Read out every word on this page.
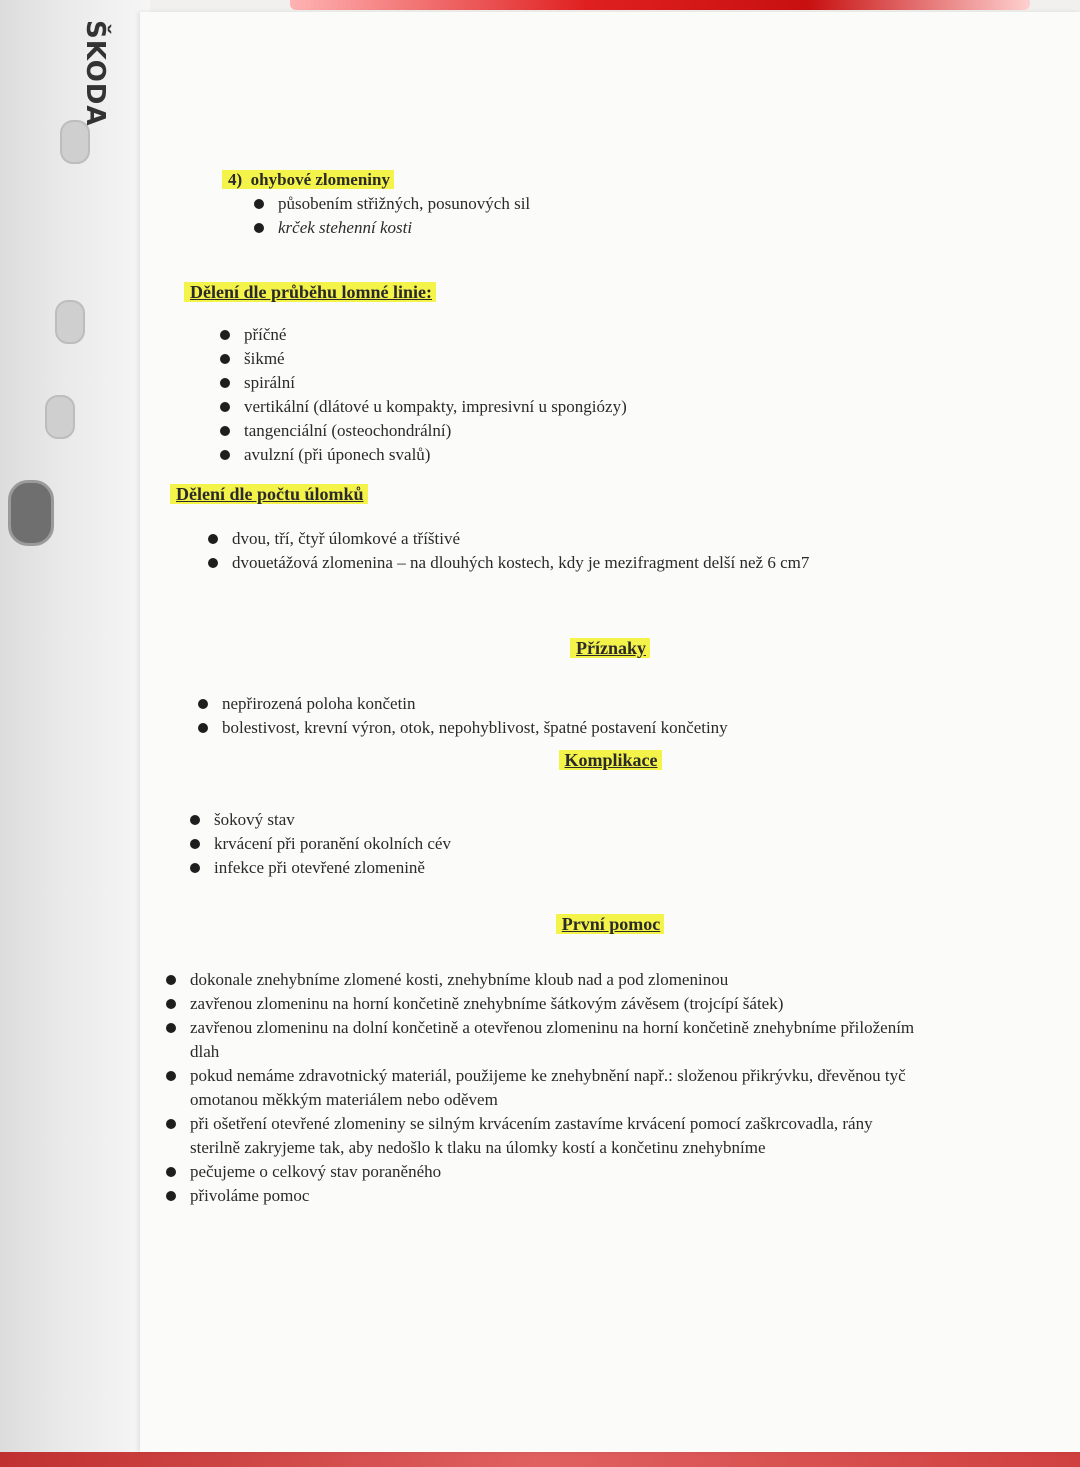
ŠKODA
4) ohybové zlomeniny
působením střižných, posunových sil
krček stehenní kosti
Dělení dle průběhu lomné linie:
příčné
šikmé
spirální
vertikální (dlátové u kompakty, impresivní u spongiózy)
tangenciální (osteochondrální)
avulzní (při úponech svalů)
Dělení dle počtu úlomků
dvou, tří, čtyř úlomkové a tříštivé
dvouetážová zlomenina – na dlouhých kostech, kdy je mezifragment delší než 6 cm7
Příznaky
nepřirozená poloha končetin
bolestivost, krevní výron, otok, nepohyblivost, špatné postavení končetiny
Komplikace
šokový stav
krvácení při poranění okolních cév
infekce při otevřené zlomenině
První pomoc
dokonale znehybníme zlomené kosti, znehybníme kloub nad a pod zlomeninou
zavřenou zlomeninu na horní končetině znehybníme šátkovým závěsem (trojcípí šátek)
zavřenou zlomeninu na dolní končetině a otevřenou zlomeninu na horní končetině znehybníme přiložením dlah
pokud nemáme zdravotnický materiál, použijeme ke znehybnění např.: složenou přikrývku, dřevěnou tyč omotanou měkkým materiálem nebo oděvem
při ošetření otevřené zlomeniny se silným krvácením zastavíme krvácení pomocí zaškrcovadla, rány sterilně zakryjeme tak, aby nedošlo k tlaku na úlomky kostí a končetinu znehybníme
pečujeme o celkový stav poraněného
přivoláme pomoc
